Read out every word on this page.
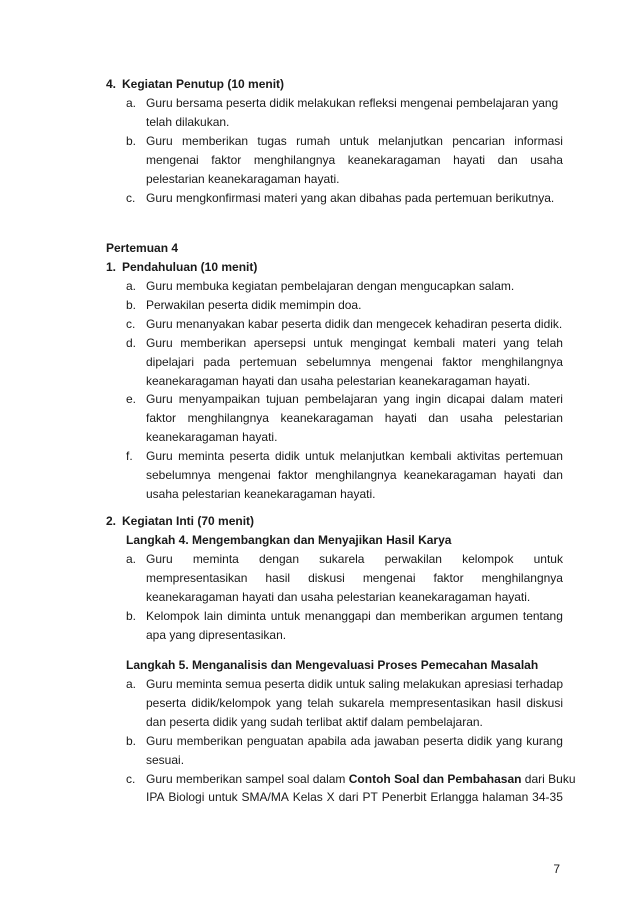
4. Kegiatan Penutup (10 menit)
a. Guru bersama peserta didik melakukan refleksi mengenai pembelajaran yang
telah dilakukan.
b. Guru memberikan tugas rumah untuk melanjutkan pencarian informasi
mengenai faktor menghilangnya keanekaragaman hayati dan usaha
pelestarian keanekaragaman hayati.
c. Guru mengkonfirmasi materi yang akan dibahas pada pertemuan berikutnya.
Pertemuan 4
1. Pendahuluan (10 menit)
a. Guru membuka kegiatan pembelajaran dengan mengucapkan salam.
b. Perwakilan peserta didik memimpin doa.
c. Guru menanyakan kabar peserta didik dan mengecek kehadiran peserta didik.
d. Guru memberikan apersepsi untuk mengingat kembali materi yang telah
dipelajari pada pertemuan sebelumnya mengenai faktor menghilangnya
keanekaragaman hayati dan usaha pelestarian keanekaragaman hayati.
e. Guru menyampaikan tujuan pembelajaran yang ingin dicapai dalam materi
faktor menghilangnya keanekaragaman hayati dan usaha pelestarian
keanekaragaman hayati.
f. Guru meminta peserta didik untuk melanjutkan kembali aktivitas pertemuan
sebelumnya mengenai faktor menghilangnya keanekaragaman hayati dan
usaha pelestarian keanekaragaman hayati.
2. Kegiatan Inti (70 menit)
Langkah 4. Mengembangkan dan Menyajikan Hasil Karya
a. Guru meminta dengan sukarela perwakilan kelompok untuk
mempresentasikan hasil diskusi mengenai faktor menghilangnya
keanekaragaman hayati dan usaha pelestarian keanekaragaman hayati.
b. Kelompok lain diminta untuk menanggapi dan memberikan argumen tentang
apa yang dipresentasikan.
Langkah 5. Menganalisis dan Mengevaluasi Proses Pemecahan Masalah
a. Guru meminta semua peserta didik untuk saling melakukan apresiasi terhadap
peserta didik/kelompok yang telah sukarela mempresentasikan hasil diskusi
dan peserta didik yang sudah terlibat aktif dalam pembelajaran.
b. Guru memberikan penguatan apabila ada jawaban peserta didik yang kurang
sesuai.
c. Guru memberikan sampel soal dalam Contoh Soal dan Pembahasan dari Buku
IPA Biologi untuk SMA/MA Kelas X dari PT Penerbit Erlangga halaman 34-35
7
